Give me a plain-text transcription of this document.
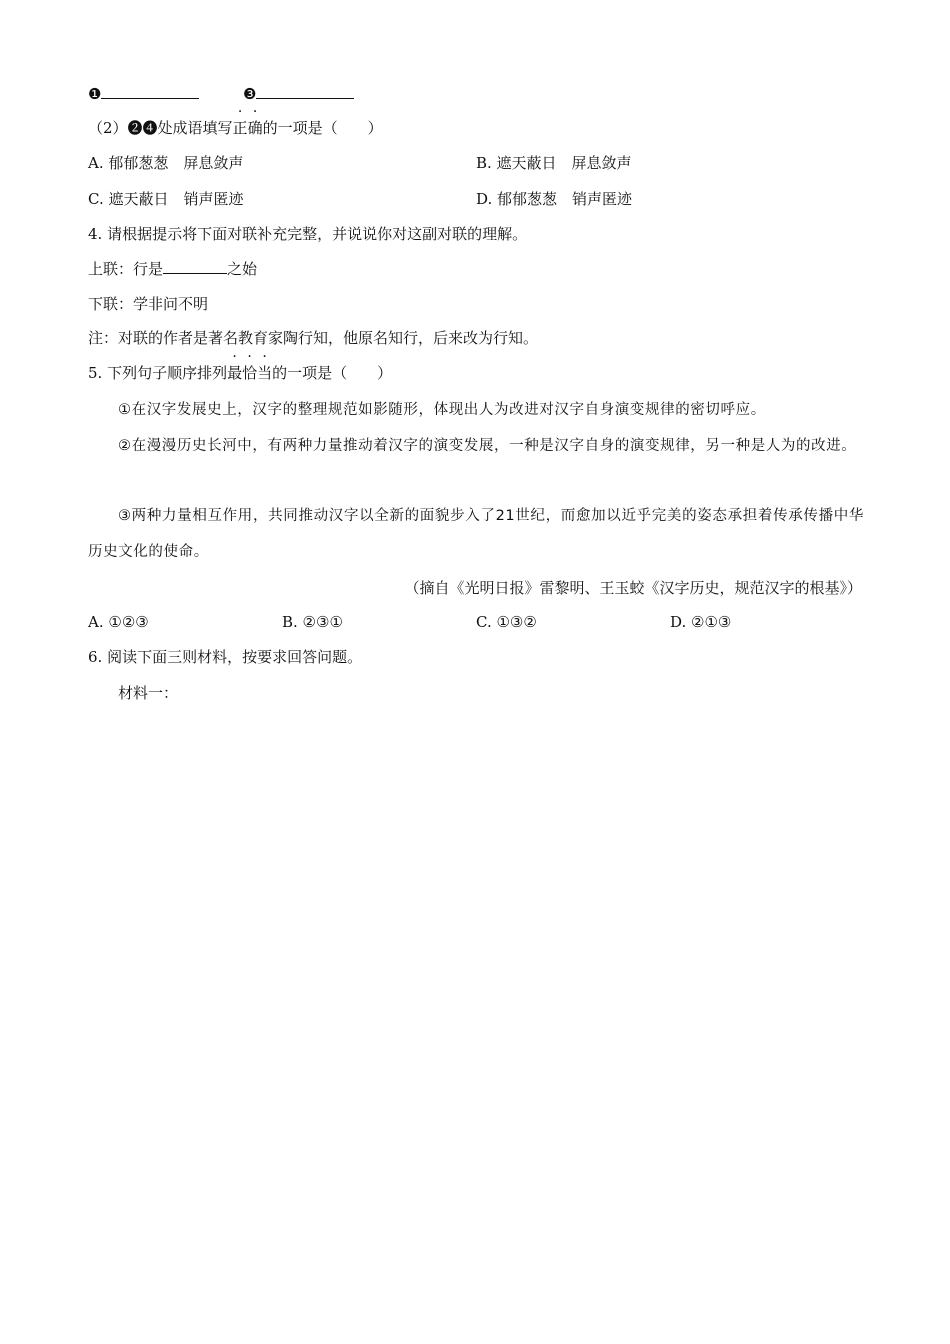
❶	❸
（2）❷❹处成语填写正确的一项是（　　）
A. 郁郁葱葱　屏息敛声	B. 遮天蔽日　屏息敛声
C. 遮天蔽日　销声匿迹	D. 郁郁葱葱　销声匿迹
4. 请根据提示将下面对联补充完整，并说说你对这副对联的理解。
上联：行是	之始
下联：学非问不明
注：对联的作者是著名教育家陶行知，他原名知行，后来改为行知。
5. 下列句子顺序排列最恰当的一项是（　　）
①在汉字发展史上，汉字的整理规范如影随形，体现出人为改进对汉字自身演变规律的密切呼应。
②在漫漫历史长河中，有两种力量推动着汉字的演变发展，一种是汉字自身的演变规律，另一种是人为的改进。
③两种力量相互作用，共同推动汉字以全新的面貌步入了21世纪，而愈加以近乎完美的姿态承担着传承传播中华历史文化的使命。
（摘自《光明日报》雷黎明、王玉蛟《汉字历史，规范汉字的根基》）
A. ①②③	B. ②③①	C. ①③②	D. ②①③
6. 阅读下面三则材料，按要求回答问题。
材料一：
